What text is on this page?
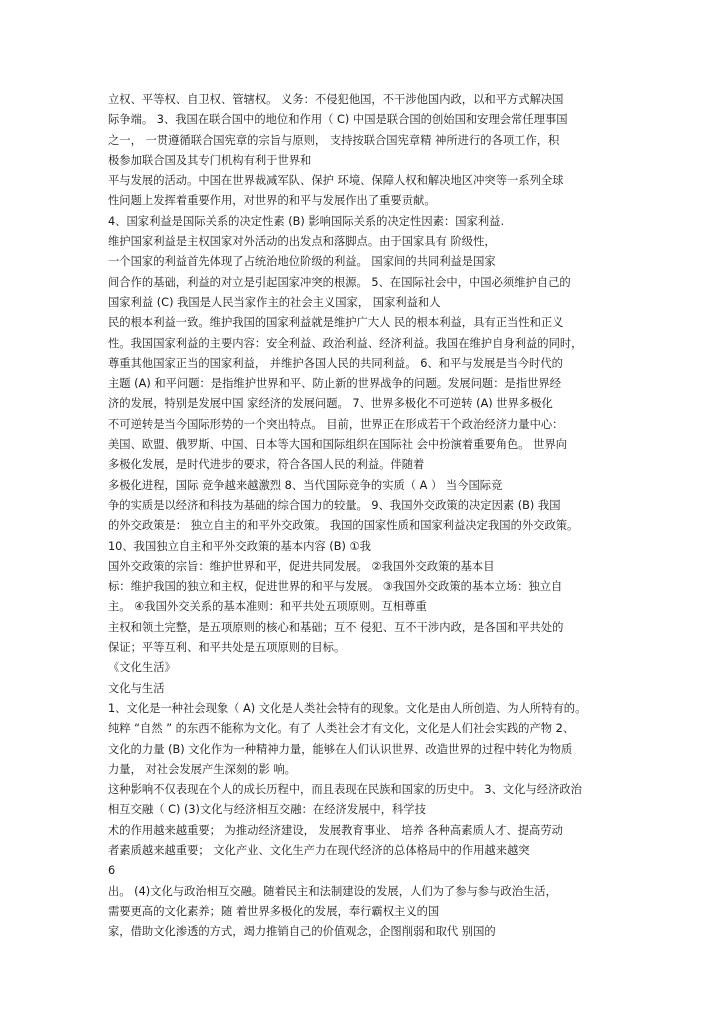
立权、平等权、自卫权、管辖权。 义务：不侵犯他国，不干涉他国内政，以和平方式解决国
际争端。 3、我国在联合国中的地位和作用（ C) 中国是联合国的创始国和安理会常任理事国
之一， 一贯遵循联合国宪章的宗旨与原则， 支持按联合国宪章精 神所进行的各项工作，积
极参加联合国及其专门机构有利于世界和
平与发展的活动。中国在世界裁减军队、保护 环境、保障人权和解决地区冲突等一系列全球
性问题上发挥着重要作用，对世界的和平与发展作出了重要贡献。
4、国家利益是国际关系的决定性素 (B) 影响国际关系的决定性因素：国家利益.
维护国家利益是主权国家对外活动的出发点和落脚点。由于国家具有 阶级性，
一个国家的利益首先体现了占统治地位阶级的利益。 国家间的共同利益是国家
间合作的基础，利益的对立是引起国家冲突的根源。 5、在国际社会中，中国必须维护自己的
国家利益 (C) 我国是人民当家作主的社会主义国家， 国家利益和人
民的根本利益一致。维护我国的国家利益就是维护广大人 民的根本利益，具有正当性和正义
性。我国国家利益的主要内容：安全利益、政治利益、经济利益。我国在维护自身利益的同时，
尊重其他国家正当的国家利益， 并维护各国人民的共同利益。 6、和平与发展是当今时代的
主题 (A) 和平问题：是指维护世界和平、防止新的世界战争的问题。发展问题：是指世界经
济的发展，特别是发展中国 家经济的发展问题。 7、世界多极化不可逆转 (A) 世界多极化
不可逆转是当今国际形势的一个突出特点。 目前，世界正在形成若干个政治经济力量中心：
美国、欧盟、俄罗斯、中国、日本等大国和国际组织在国际社 会中扮演着重要角色。 世界向
多极化发展，是时代进步的要求，符合各国人民的利益。伴随着
多极化进程，国际 竞争越来越激烈 8、当代国际竞争的实质（ A ） 当今国际竞
争的实质是以经济和科技为基础的综合国力的较量。 9、我国外交政策的决定因素 (B) 我国
的外交政策是： 独立自主的和平外交政策。 我国的国家性质和国家利益决定我国的外交政策。
10、我国独立自主和平外交政策的基本内容 (B) ①我
国外交政策的宗旨：维护世界和平，促进共同发展。 ②我国外交政策的基本目
标：维护我国的独立和主权，促进世界的和平与发展。 ③我国外交政策的基本立场：独立自
主。 ④我国外交关系的基本准则：和平共处五项原则。互相尊重
主权和领土完整，是五项原则的核心和基础；互不 侵犯、互不干涉内政，是各国和平共处的
保证；平等互利、和平共处是五项原则的目标。
《文化生活》
文化与生活
1、文化是一种社会现象（ A) 文化是人类社会特有的现象。文化是由人所创造、为人所特有的。
纯粹 “自然 ” 的东西不能称为文化。有了 人类社会才有文化，文化是人们社会实践的产物 2、
文化的力量 (B) 文化作为一种精神力量，能够在人们认识世界、改造世界的过程中转化为物质
力量， 对社会发展产生深刻的影 响。
这种影响不仅表现在个人的成长历程中，而且表现在民族和国家的历史中。 3、文化与经济政治
相互交融（ C) (3)文化与经济相互交融：在经济发展中，科学技
术的作用越来越重要； 为推动经济建设， 发展教育事业、 培养 各种高素质人才、提高劳动
者素质越来越重要； 文化产业、文化生产力在现代经济的总体格局中的作用越来越突
6
出。 (4)文化与政治相互交融。随着民主和法制建设的发展，人们为了参与参与政治生活，
需要更高的文化素养；随 着世界多极化的发展，奉行霸权主义的国
家，借助文化渗透的方式，竭力推销自己的价值观念，企图削弱和取代 别国的
